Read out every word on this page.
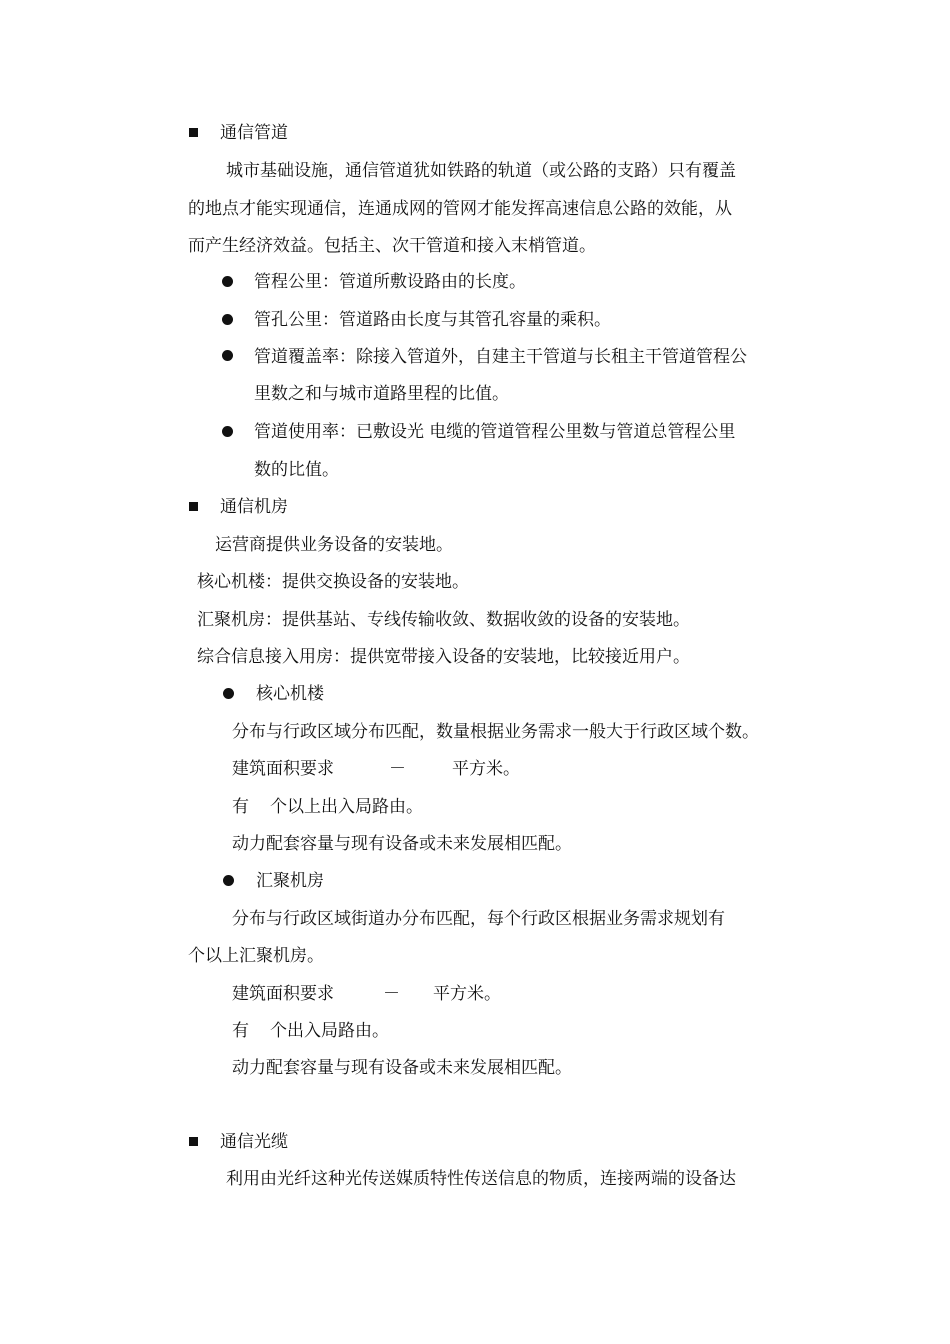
通信管道

城市基础设施，通信管道犹如铁路的轨道（或公路的支路）只有覆盖

的地点才能实现通信，连通成网的管网才能发挥高速信息公路的效能，从

而产生经济效益。包括主、次干管道和接入末梢管道。

管程公里：管道所敷设路由的长度。

管孔公里：管道路由长度与其管孔容量的乘积。

管道覆盖率：除接入管道外，自建主干管道与长租主干管道管程公

里数之和与城市道路里程的比值。

管道使用率：已敷设光 电缆的管道管程公里数与管道总管程公里

数的比值。

通信机房

运营商提供业务设备的安装地。

核心机楼：提供交换设备的安装地。

汇聚机房：提供基站、专线传输收敛、数据收敛的设备的安装地。

综合信息接入用房：提供宽带接入设备的安装地，比较接近用户。

核心机楼

分布与行政区域分布匹配，数量根据业务需求一般大于行政区域个数。

建筑面积要求	－	平方米。

有 个以上出入局路由。

动力配套容量与现有设备或未来发展相匹配。

汇聚机房

分布与行政区域街道办分布匹配，每个行政区根据业务需求规划有

个以上汇聚机房。

建筑面积要求	－ 平方米。

有 个出入局路由。

动力配套容量与现有设备或未来发展相匹配。

通信光缆

利用由光纤这种光传送媒质特性传送信息的物质，连接两端的设备达
